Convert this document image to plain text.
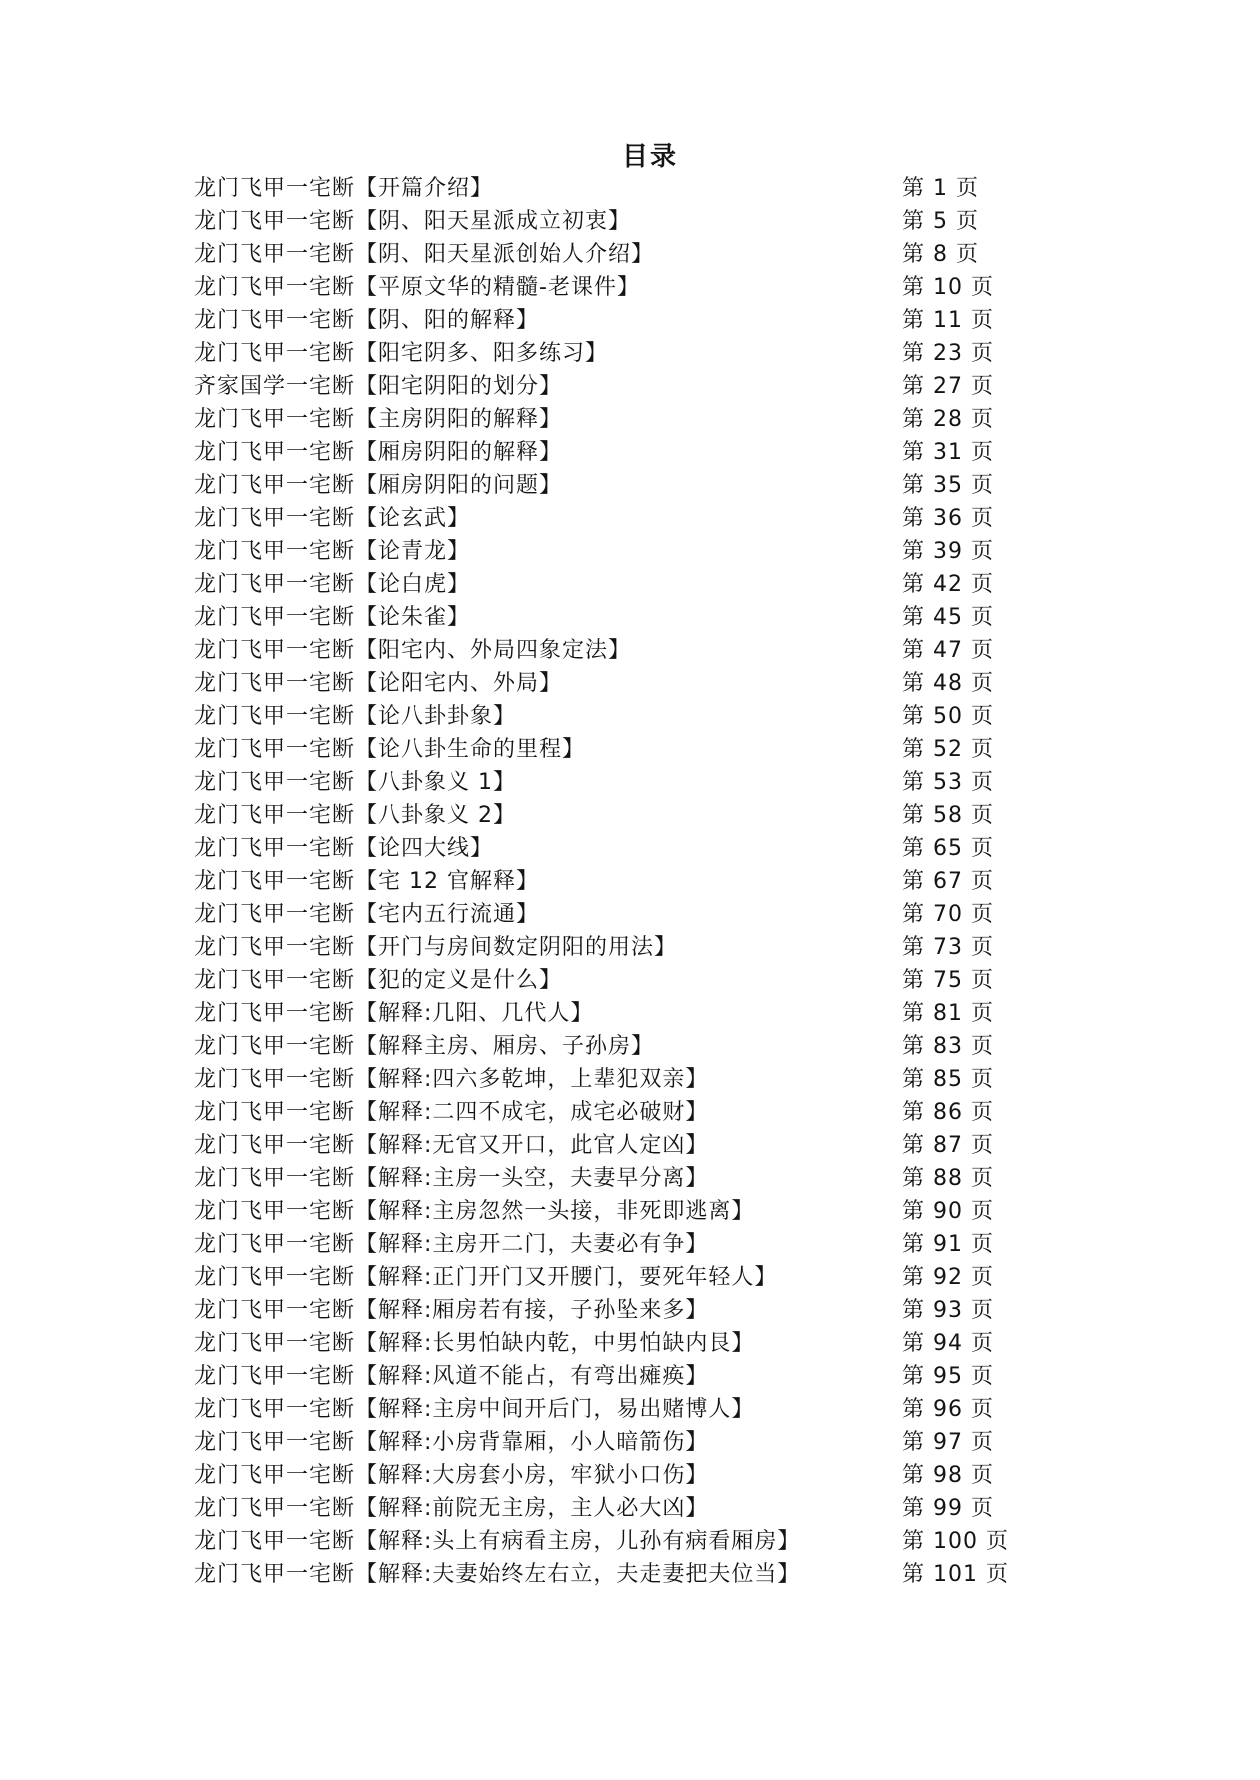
目录
龙门飞甲一宅断【开篇介绍】	第 1 页
龙门飞甲一宅断【阴、阳天星派成立初衷】	第 5 页
龙门飞甲一宅断【阴、阳天星派创始人介绍】	第 8 页
龙门飞甲一宅断【平原文华的精髓-老课件】	第 10 页
龙门飞甲一宅断【阴、阳的解释】	第 11 页
龙门飞甲一宅断【阳宅阴多、阳多练习】	第 23 页
齐家国学一宅断【阳宅阴阳的划分】	第 27 页
龙门飞甲一宅断【主房阴阳的解释】	第 28 页
龙门飞甲一宅断【厢房阴阳的解释】	第 31 页
龙门飞甲一宅断【厢房阴阳的问题】	第 35 页
龙门飞甲一宅断【论玄武】	第 36 页
龙门飞甲一宅断【论青龙】	第 39 页
龙门飞甲一宅断【论白虎】	第 42 页
龙门飞甲一宅断【论朱雀】	第 45 页
龙门飞甲一宅断【阳宅内、外局四象定法】	第 47 页
龙门飞甲一宅断【论阳宅内、外局】	第 48 页
龙门飞甲一宅断【论八卦卦象】	第 50 页
龙门飞甲一宅断【论八卦生命的里程】	第 52 页
龙门飞甲一宅断【八卦象义 1】	第 53 页
龙门飞甲一宅断【八卦象义 2】	第 58 页
龙门飞甲一宅断【论四大线】	第 65 页
龙门飞甲一宅断【宅 12 官解释】	第 67 页
龙门飞甲一宅断【宅内五行流通】	第 70 页
龙门飞甲一宅断【开门与房间数定阴阳的用法】	第 73 页
龙门飞甲一宅断【犯的定义是什么】	第 75 页
龙门飞甲一宅断【解释:几阳、几代人】	第 81 页
龙门飞甲一宅断【解释主房、厢房、子孙房】	第 83 页
龙门飞甲一宅断【解释:四六多乾坤，上辈犯双亲】	第 85 页
龙门飞甲一宅断【解释:二四不成宅，成宅必破财】	第 86 页
龙门飞甲一宅断【解释:无官又开口，此官人定凶】	第 87 页
龙门飞甲一宅断【解释:主房一头空，夫妻早分离】	第 88 页
龙门飞甲一宅断【解释:主房忽然一头接，非死即逃离】	第 90 页
龙门飞甲一宅断【解释:主房开二门，夫妻必有争】	第 91 页
龙门飞甲一宅断【解释:正门开门又开腰门，要死年轻人】	第 92 页
龙门飞甲一宅断【解释:厢房若有接，子孙坠来多】	第 93 页
龙门飞甲一宅断【解释:长男怕缺内乾，中男怕缺内艮】	第 94 页
龙门飞甲一宅断【解释:风道不能占，有弯出瘫痪】	第 95 页
龙门飞甲一宅断【解释:主房中间开后门，易出赌博人】	第 96 页
龙门飞甲一宅断【解释:小房背靠厢，小人暗箭伤】	第 97 页
龙门飞甲一宅断【解释:大房套小房，牢狱小口伤】	第 98 页
龙门飞甲一宅断【解释:前院无主房，主人必大凶】	第 99 页
龙门飞甲一宅断【解释:头上有病看主房，儿孙有病看厢房】	第 100 页
龙门飞甲一宅断【解释:夫妻始终左右立，夫走妻把夫位当】	第 101 页
